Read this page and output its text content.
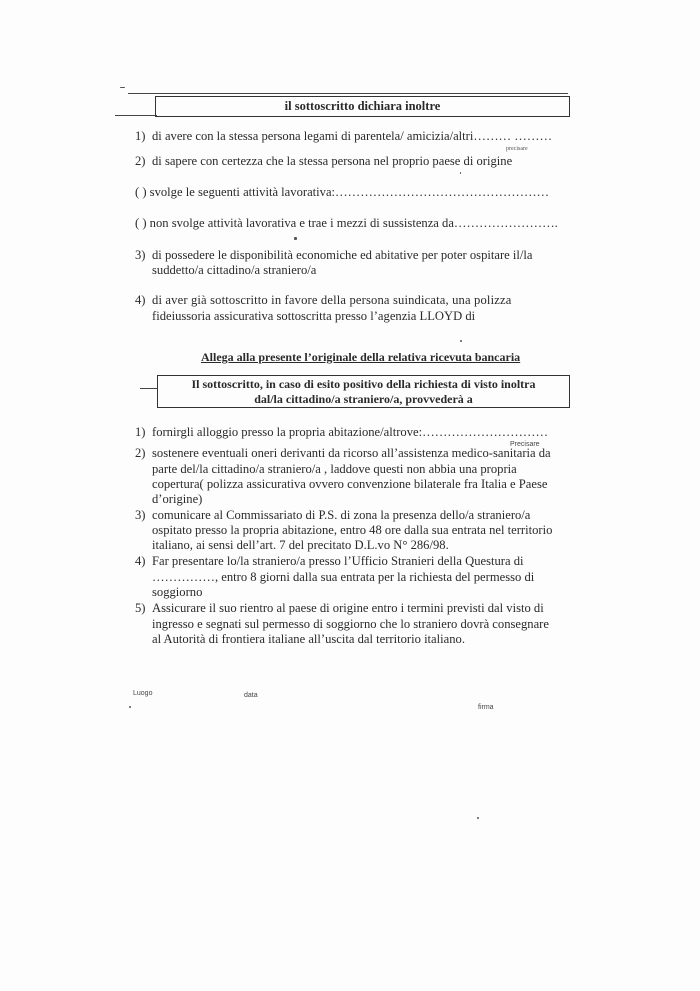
il sottoscritto dichiara inoltre
1) di avere con la stessa persona legami di parentela/ amicizia/altri……… ………
precisare
2) di sapere con certezza che la stessa persona nel proprio paese di origine
( ) svolge le seguenti attività lavorativa:……………………………………………
( ) non svolge attività lavorativa e trae i mezzi di sussistenza da…………………….
3) di possedere le disponibilità economiche ed abitative per poter ospitare il/la
suddetto/a cittadino/a straniero/a
4) di aver già sottoscritto in favore della persona suindicata, una polizza
fideiussoria assicurativa sottoscritta presso l’agenzia LLOYD di
Allega alla presente l’originale della relativa ricevuta bancaria
Il sottoscritto, in caso di esito positivo della richiesta di visto inoltra
dal/la cittadino/a straniero/a, provvederà a
1) fornirgli alloggio presso la propria abitazione/altrove:…………………………
Precisare
2) sostenere eventuali oneri derivanti da ricorso all’assistenza medico-sanitaria da
parte del/la cittadino/a straniero/a , laddove questi non abbia una propria
copertura( polizza assicurativa ovvero convenzione bilaterale fra Italia e Paese
d’origine)
3) comunicare al Commissariato di P.S. di zona la presenza dello/a straniero/a
ospitato presso la propria abitazione, entro 48 ore dalla sua entrata nel territorio
italiano, ai sensi dell’art. 7 del precitato D.L.vo N° 286/98.
4) Far presentare lo/la straniero/a presso l’Ufficio Stranieri della Questura di
……………, entro 8 giorni dalla sua entrata per la richiesta del permesso di
soggiorno
5) Assicurare il suo rientro al paese di origine entro i termini previsti dal visto di
ingresso e segnati sul permesso di soggiorno che lo straniero dovrà consegnare
al Autorità di frontiera italiane all’uscita dal territorio italiano.
Luogo	data
firma
